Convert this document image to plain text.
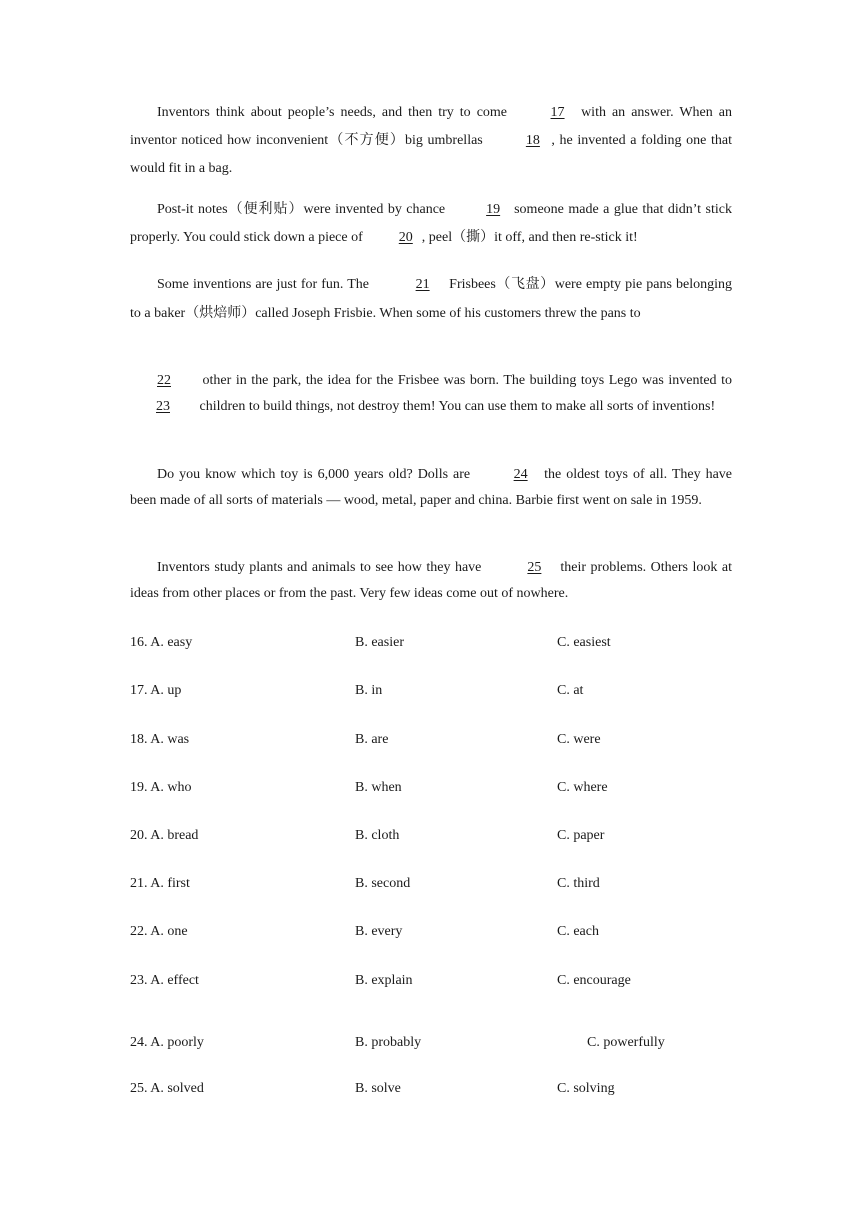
Inventors think about people’s needs, and then try to come	17 with an answer. When an inventor noticed how inconvenient（不方便）big umbrellas	18 , he invented a folding one that would fit in a bag.

Post-it notes（便利贴）were invented by chance	19 someone made a glue that didn’t stick properly. You could stick down a piece of 20 , peel（撕）it off, and then re-stick it!

Some inventions are just for fun. The	21 Frisbees（飞盘）were empty pie pans belonging to a baker（烘焙师）called Joseph Frisbie. When some of his customers threw the pans to

22 other in the park, the idea for the Frisbee was born. The building toys Lego was invented to 23 children to build things, not destroy them! You can use them to make all sorts of inventions!

Do you know which toy is 6,000 years old? Dolls are	24 the oldest toys of all. They have been made of all sorts of materials — wood, metal, paper and china. Barbie first went on sale in 1959.

Inventors study plants and animals to see how they have	25 their problems. Others look at ideas from other places or from the past. Very few ideas come out of nowhere.

16. A. easy	B. easier	C. easiest
17. A. up	B. in	C. at
18. A. was	B. are	C. were
19. A. who	B. when	C. where
20. A. bread	B. cloth	C. paper
21. A. first	B. second	C. third
22. A. one	B. every	C. each
23. A. effect	B. explain	C. encourage
24. A. poorly	B. probably	C. powerfully
25. A. solved	B. solve	C. solving
